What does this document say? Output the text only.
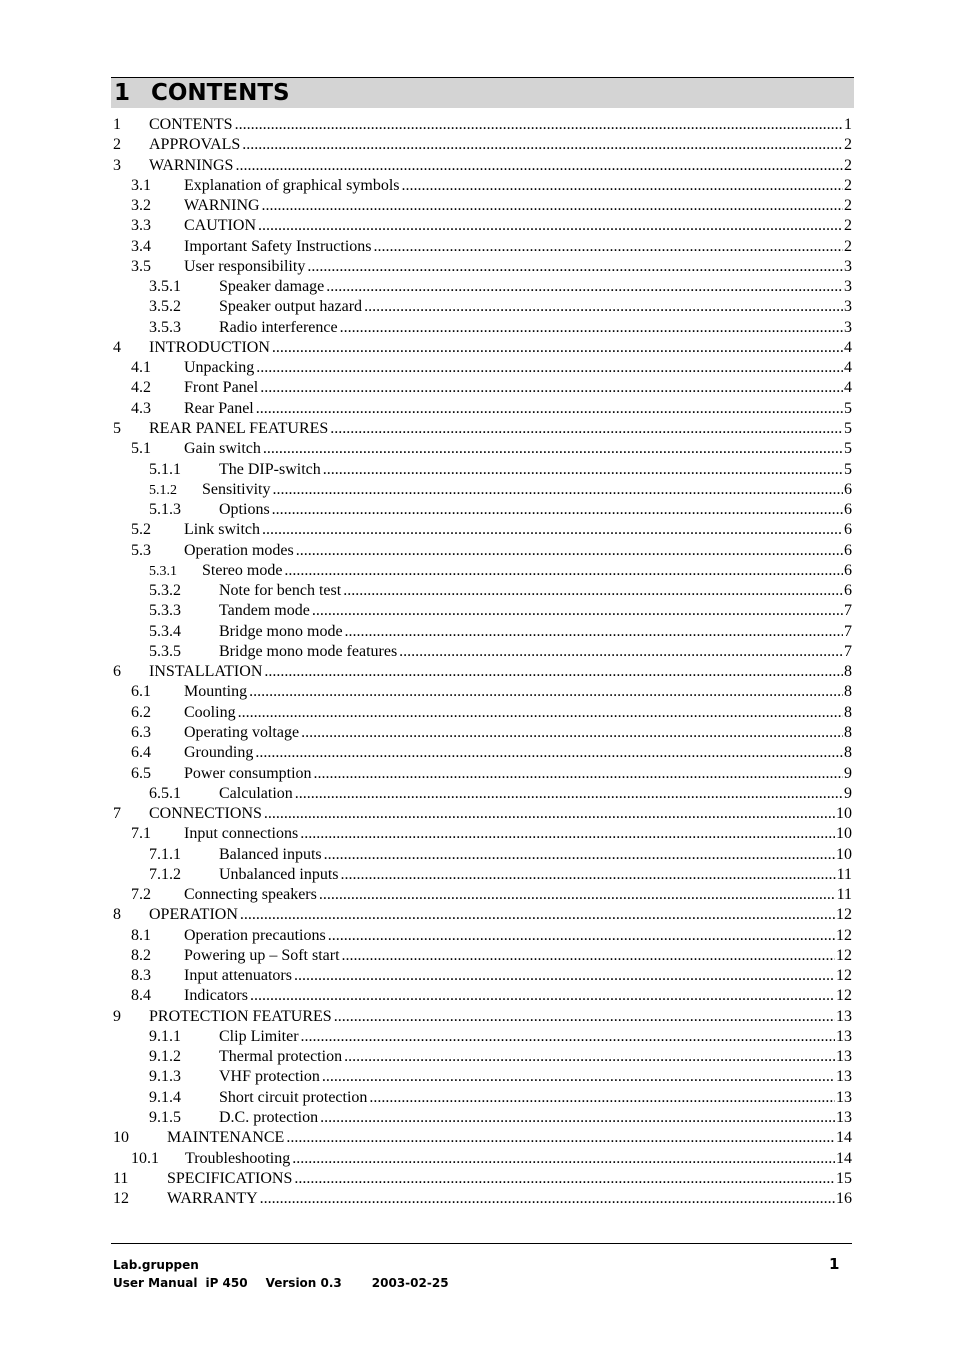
1 CONTENTS
1	CONTENTS .....	1
2	APPROVALS .....	2
3	WARNINGS .....	2
3.1	Explanation of graphical symbols .....	2
3.2	WARNING .....	2
3.3	CAUTION .....	2
3.4	Important Safety Instructions .....	2
3.5	User responsibility .....	3
3.5.1	Speaker damage .....	3
3.5.2	Speaker output hazard .....	3
3.5.3	Radio interference .....	3
4	INTRODUCTION .....	4
4.1	Unpacking .....	4
4.2	Front Panel .....	4
4.3	Rear Panel .....	5
5	REAR PANEL FEATURES .....	5
5.1	Gain switch .....	5
5.1.1	The DIP-switch .....	5
5.1.2	Sensitivity .....	6
5.1.3	Options .....	6
5.2	Link switch .....	6
5.3	Operation modes .....	6
5.3.1	Stereo mode .....	6
5.3.2	Note for bench test .....	6
5.3.3	Tandem mode .....	7
5.3.4	Bridge mono mode .....	7
5.3.5	Bridge mono mode features .....	7
6	INSTALLATION .....	8
6.1	Mounting .....	8
6.2	Cooling .....	8
6.3	Operating voltage .....	8
6.4	Grounding .....	8
6.5	Power consumption .....	9
6.5.1	Calculation .....	9
7	CONNECTIONS .....	10
7.1	Input connections .....	10
7.1.1	Balanced inputs .....	10
7.1.2	Unbalanced inputs .....	11
7.2	Connecting speakers .....	11
8	OPERATION .....	12
8.1	Operation precautions .....	12
8.2	Powering up – Soft start .....	12
8.3	Input attenuators .....	12
8.4	Indicators .....	12
9	PROTECTION FEATURES .....	13
9.1.1	Clip Limiter .....	13
9.1.2	Thermal protection .....	13
9.1.3	VHF protection .....	13
9.1.4	Short circuit protection .....	13
9.1.5	D.C. protection .....	13
10	MAINTENANCE .....	14
10.1	Troubleshooting .....	14
11	SPECIFICATIONS .....	15
12	WARRANTY .....	16
Lab.gruppen
User Manual iP 450 Version 0.3	2003-02-25
1
